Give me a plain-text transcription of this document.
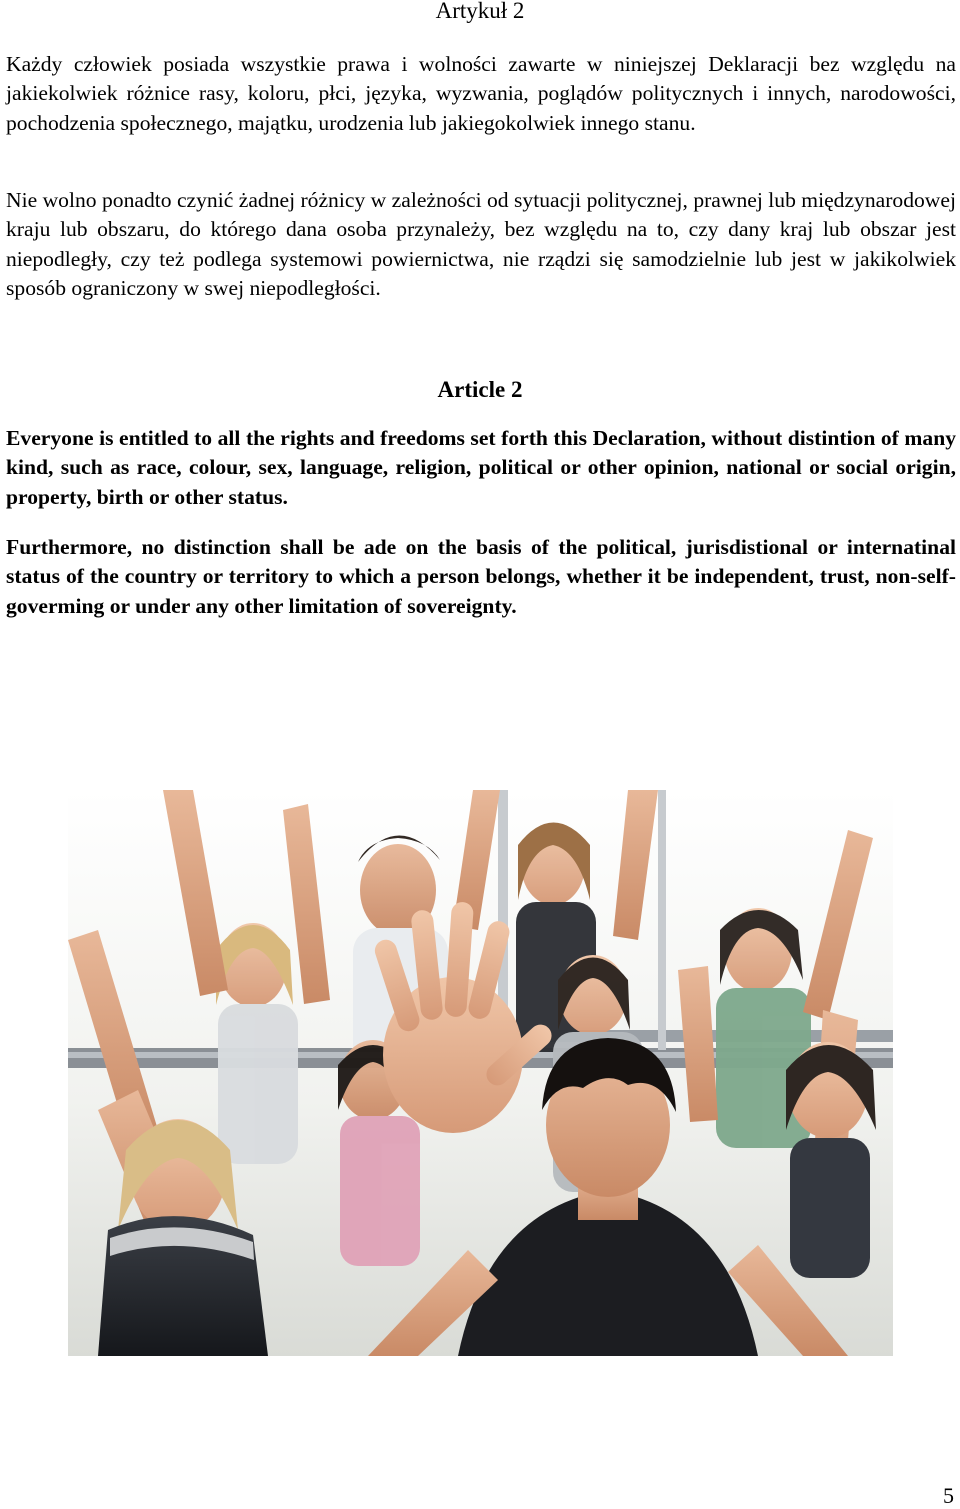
Artykuł 2

Każdy człowiek posiada wszystkie prawa i wolności zawarte w niniejszej Deklaracji bez względu na jakiekolwiek różnice rasy, koloru, płci, języka, wyzwania, poglądów politycznych i innych, narodowości, pochodzenia społecznego, majątku, urodzenia lub jakiegokolwiek innego stanu.

Nie wolno ponadto czynić żadnej różnicy w zależności od sytuacji politycznej, prawnej lub międzynarodowej kraju lub obszaru, do którego dana osoba przynależy, bez względu na to, czy dany kraj lub obszar jest niepodległy, czy też podlega systemowi powiernictwa, nie rządzi się samodzielnie lub jest w jakikolwiek sposób ograniczony w swej niepodległości.

Article 2

Everyone is entitled to all the rights and freedoms set forth this Declaration, without distintion of many kind, such as race, colour, sex, language, religion, political or other opinion, national or social origin, property, birth or other status.

Furthermore, no distinction shall be ade on the basis of the political, jurisdistional or internatinal status of the country or territory to which a person belongs, whether it be independent, trust, non-self-goverming or under any other limitation of sovereignty.

5
